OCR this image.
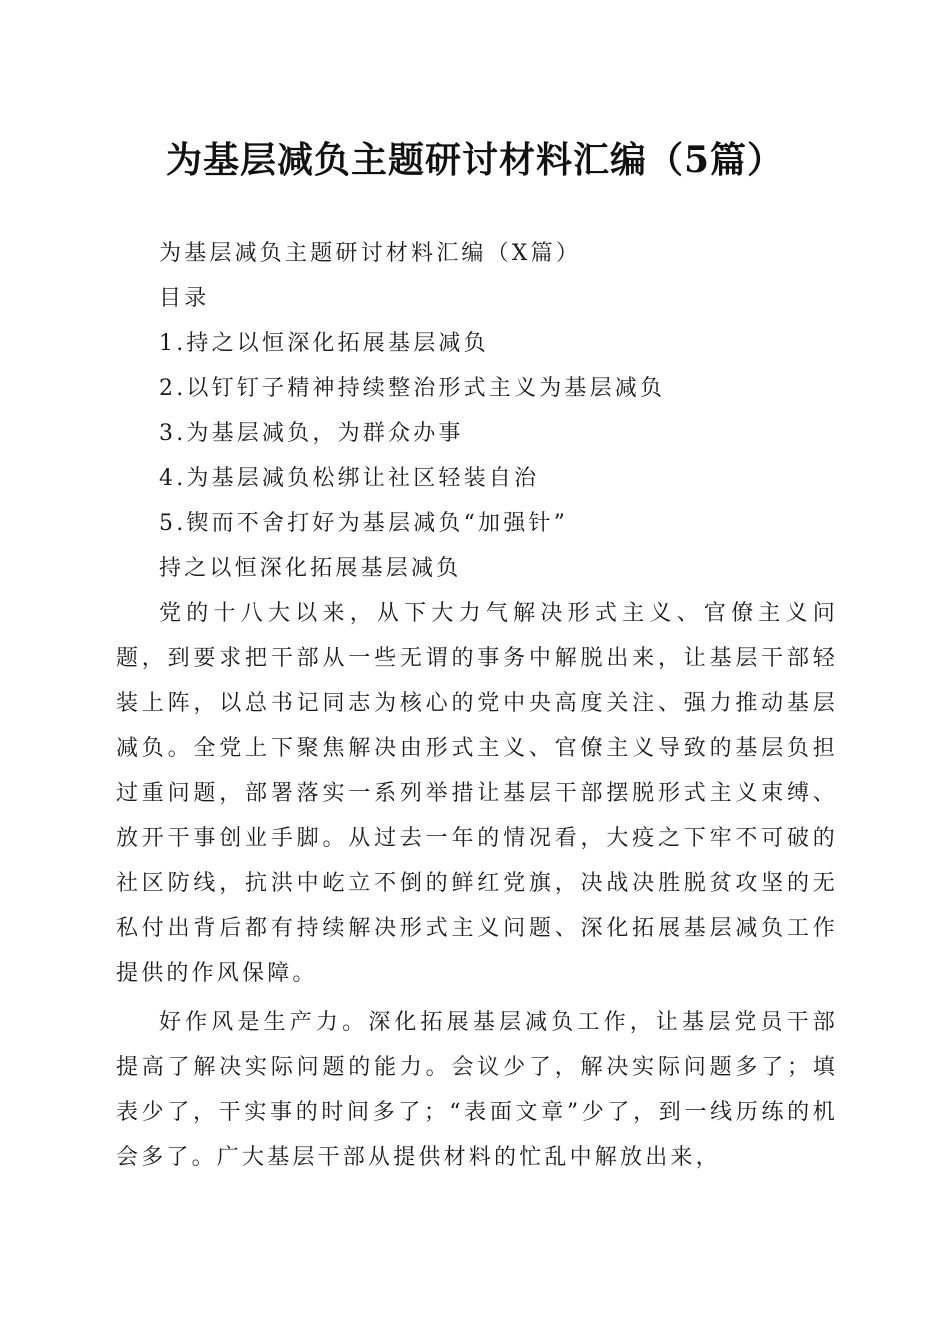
为基层减负主题研讨材料汇编（5篇）
为基层减负主题研讨材料汇编（X篇）
目录
1.持之以恒深化拓展基层减负
2.以钉钉子精神持续整治形式主义为基层减负
3.为基层减负，为群众办事
4.为基层减负松绑让社区轻装自治
5.锲而不舍打好为基层减负“加强针”
持之以恒深化拓展基层减负

党的十八大以来，从下大力气解决形式主义、官僚主义问题，到要求把干部从一些无谓的事务中解脱出来，让基层干部轻装上阵，以总书记同志为核心的党中央高度关注、强力推动基层减负。全党上下聚焦解决由形式主义、官僚主义导致的基层负担过重问题，部署落实一系列举措让基层干部摆脱形式主义束缚、放开干事创业手脚。从过去一年的情况看，大疫之下牢不可破的社区防线，抗洪中屹立不倒的鲜红党旗，决战决胜脱贫攻坚的无私付出背后都有持续解决形式主义问题、深化拓展基层减负工作提供的作风保障。

好作风是生产力。深化拓展基层减负工作，让基层党员干部提高了解决实际问题的能力。会议少了，解决实际问题多了；填表少了，干实事的时间多了；“表面文章”少了，到一线历练的机会多了。广大基层干部从提供材料的忙乱中解放出来，
